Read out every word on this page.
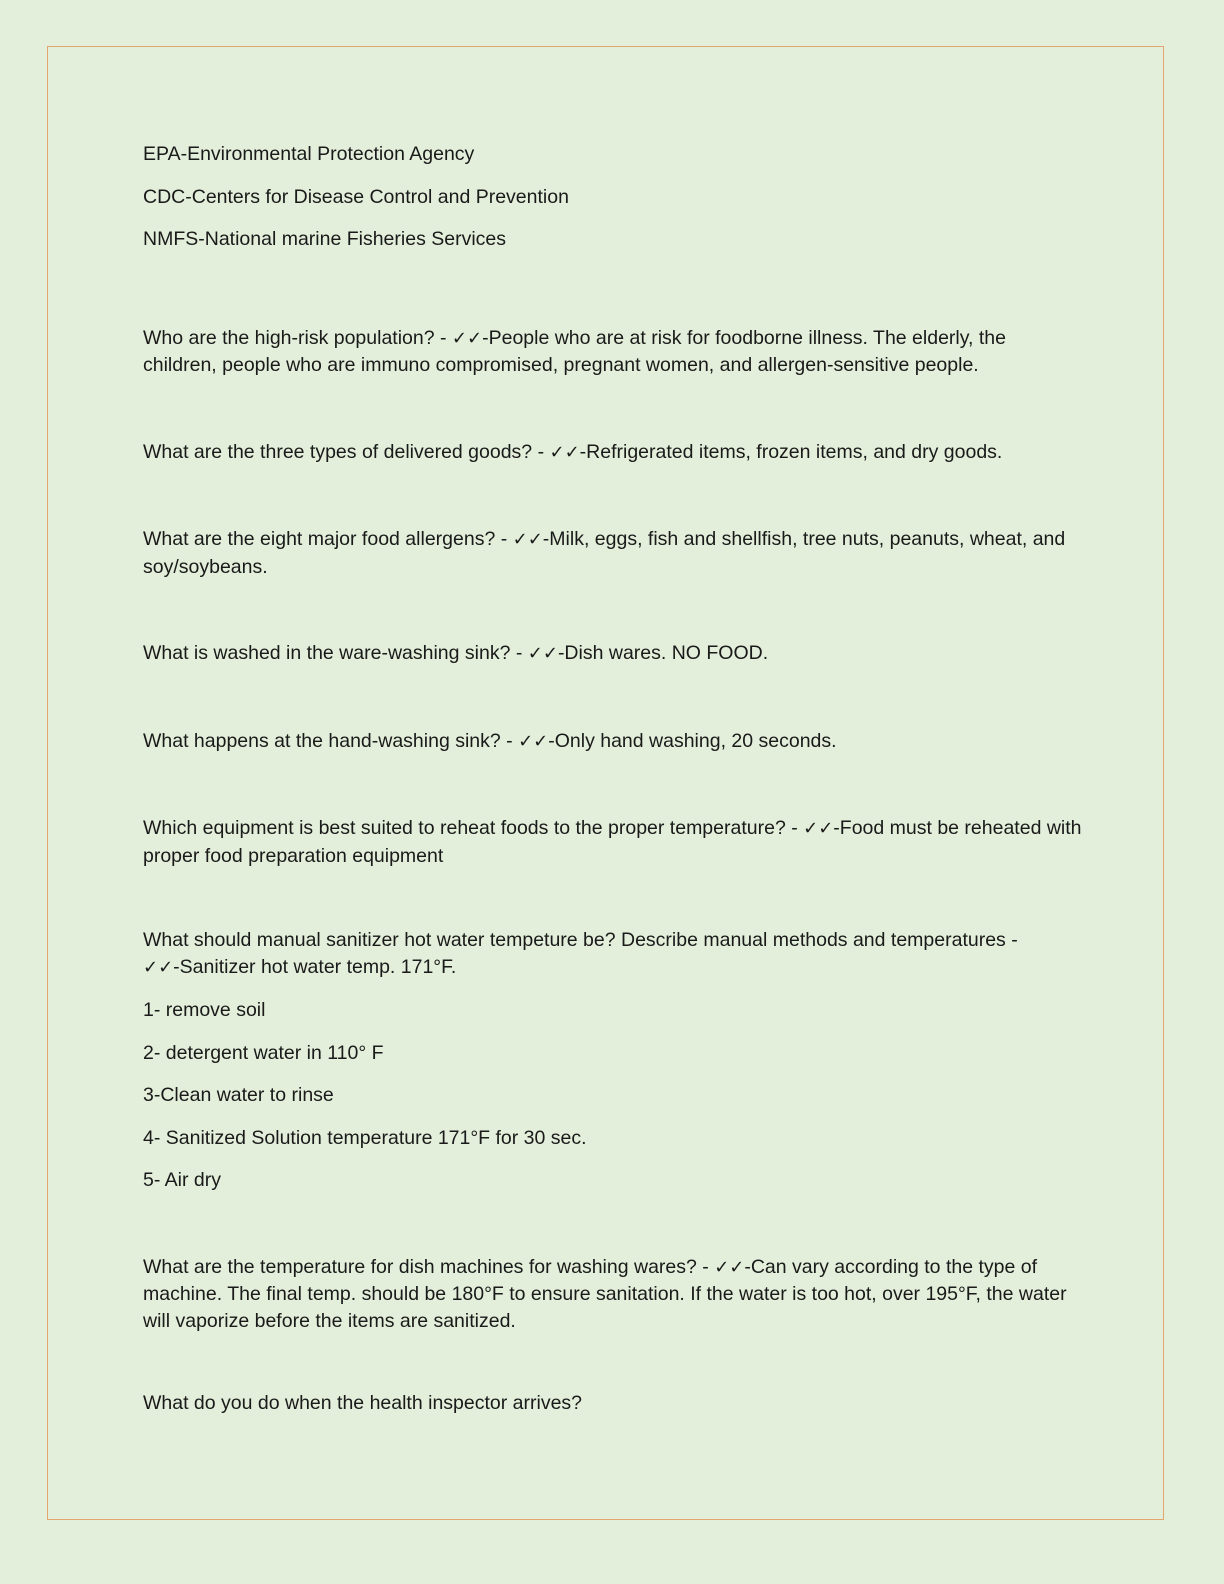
EPA-Environmental Protection Agency

CDC-Centers for Disease Control and Prevention

NMFS-National marine Fisheries Services

Who are the high-risk population? - ✓✓-People who are at risk for foodborne illness. The elderly, the children, people who are immuno compromised, pregnant women, and allergen-sensitive people.

What are the three types of delivered goods? - ✓✓-Refrigerated items, frozen items, and dry goods.

What are the eight major food allergens? - ✓✓-Milk, eggs, fish and shellfish, tree nuts, peanuts, wheat, and soy/soybeans.

What is washed in the ware-washing sink? - ✓✓-Dish wares. NO FOOD.

What happens at the hand-washing sink? - ✓✓-Only hand washing, 20 seconds.

Which equipment is best suited to reheat foods to the proper temperature? - ✓✓-Food must be reheated with proper food preparation equipment

What should manual sanitizer hot water tempeture be? Describe manual methods and temperatures -
✓✓-Sanitizer hot water temp. 171°F.

1- remove soil

2- detergent water in 110° F

3-Clean water to rinse

4- Sanitized Solution temperature 171°F for 30 sec.

5- Air dry

What are the temperature for dish machines for washing wares? - ✓✓-Can vary according to the type of machine. The final temp. should be 180°F to ensure sanitation. If the water is too hot, over 195°F, the water will vaporize before the items are sanitized.

What do you do when the health inspector arrives?
